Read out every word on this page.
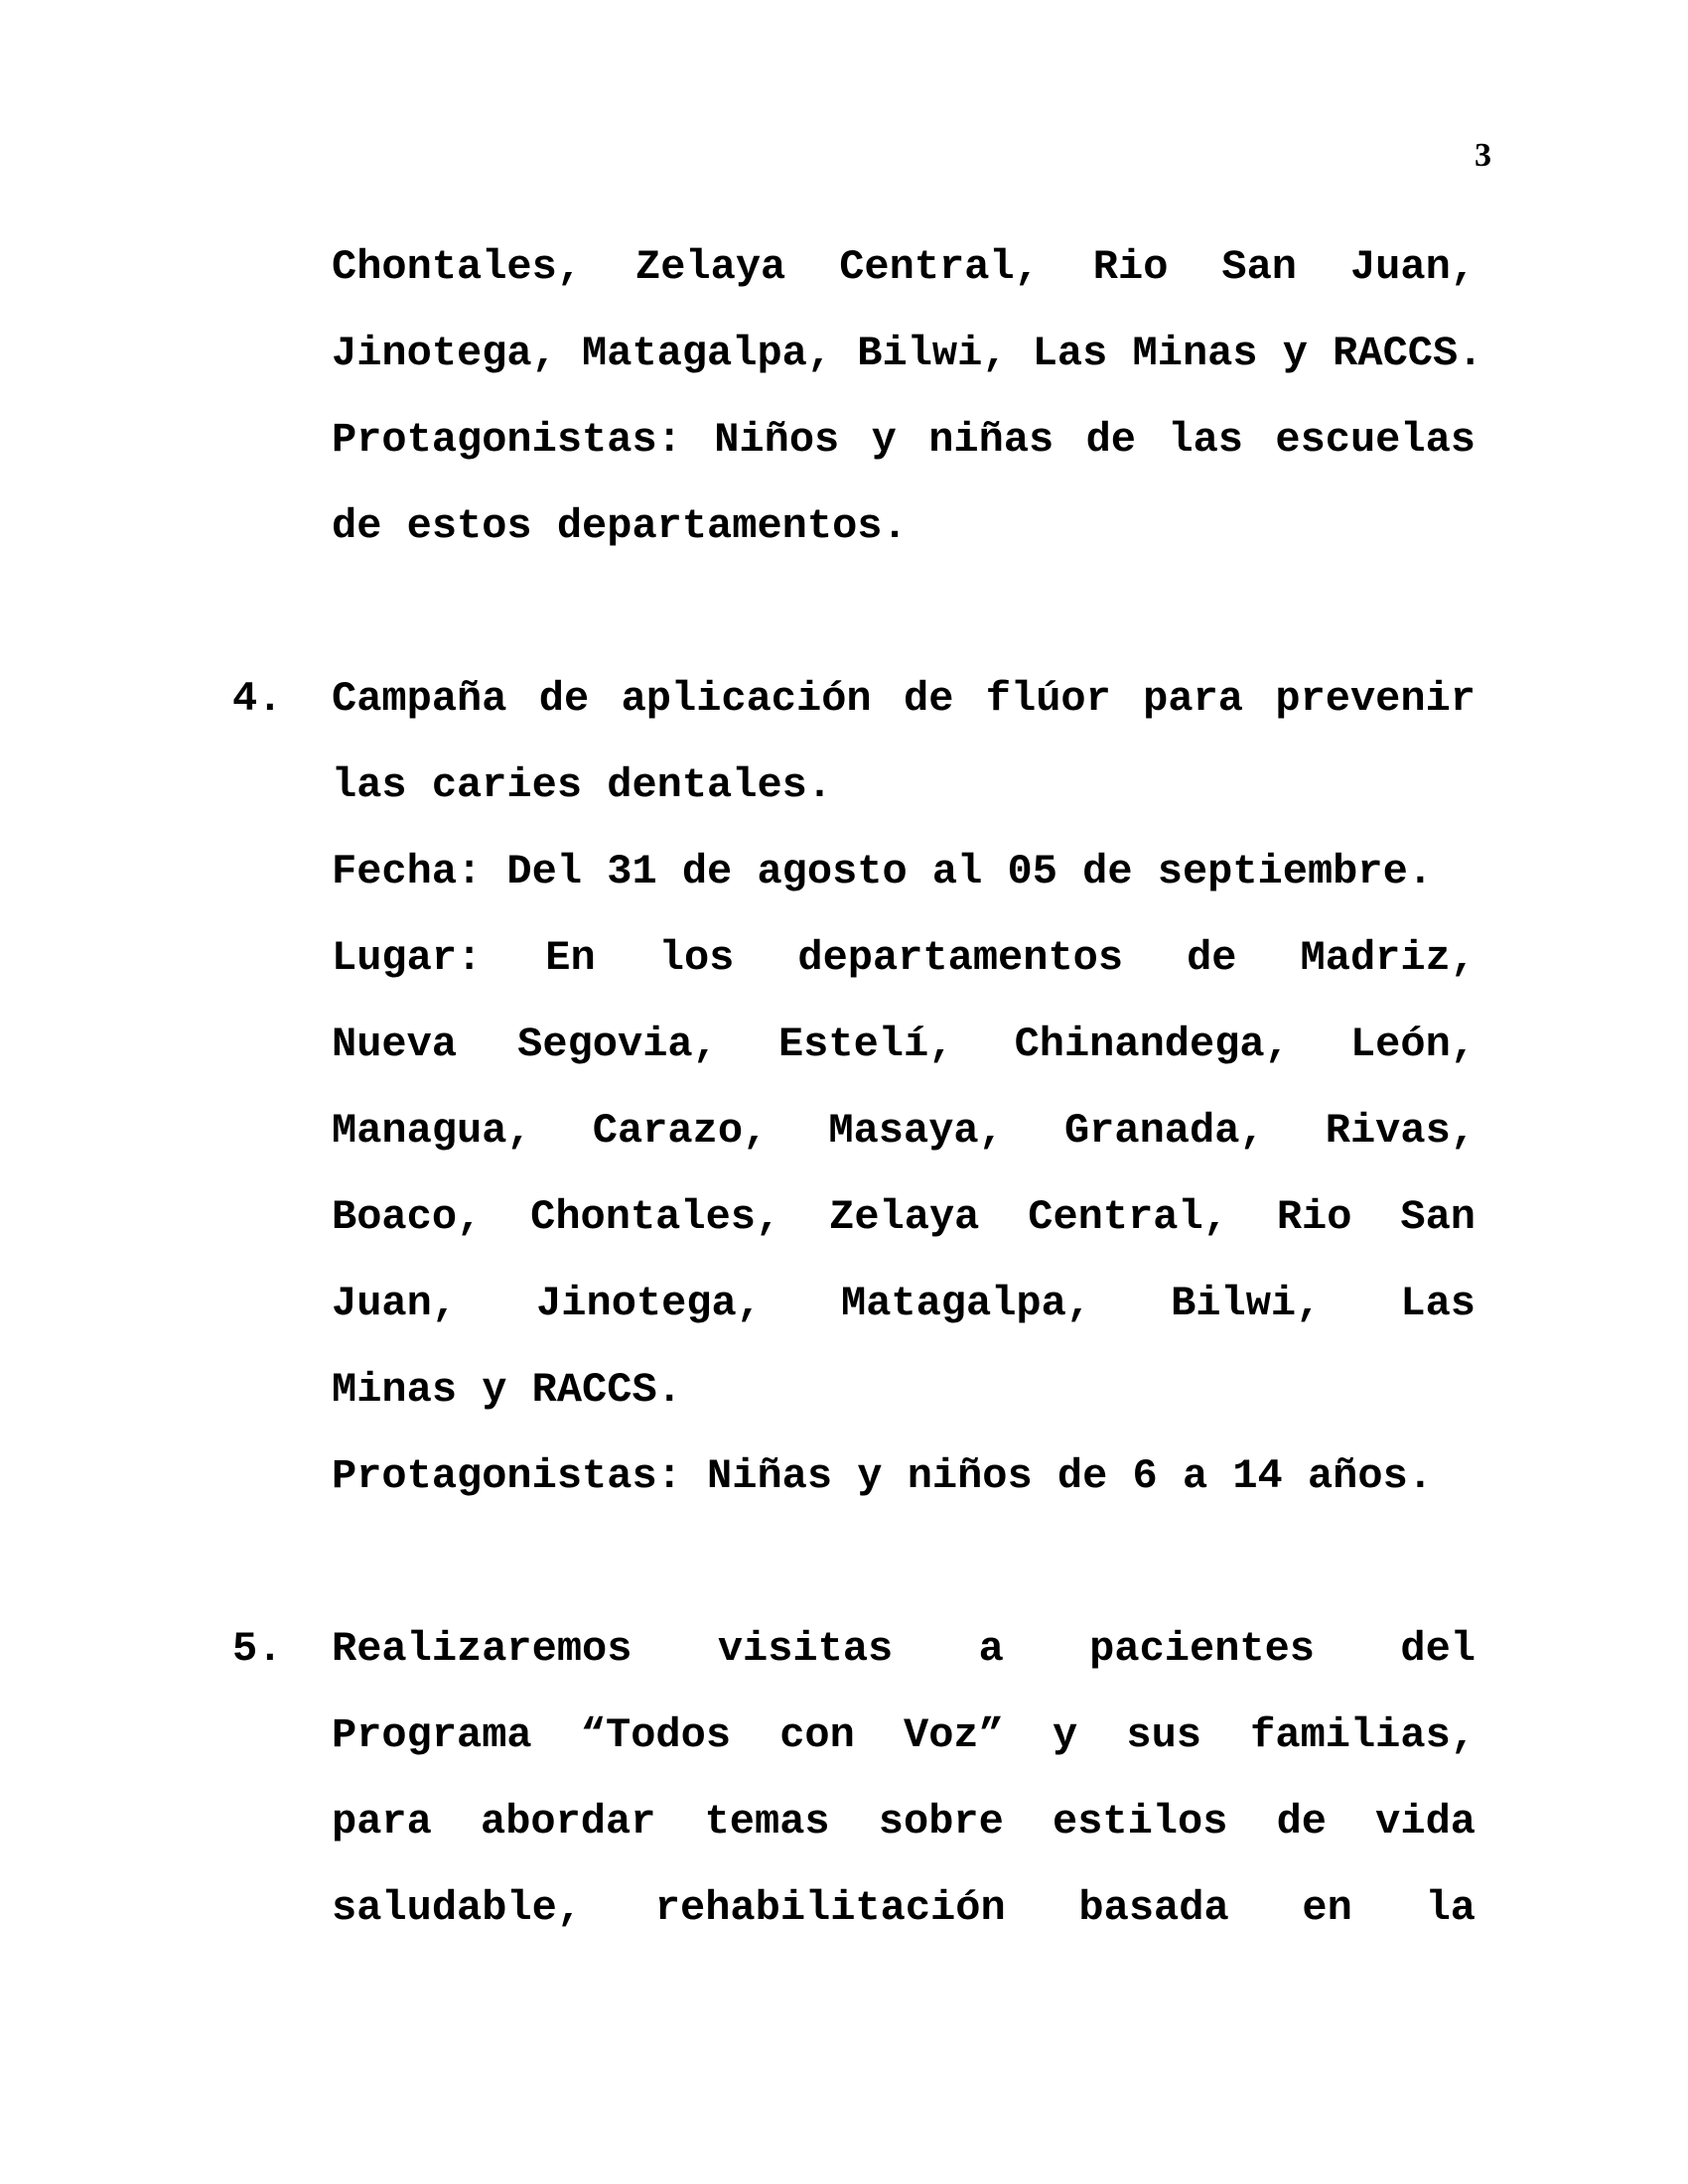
3
Chontales, Zelaya Central, Rio San Juan,
Jinotega, Matagalpa, Bilwi, Las Minas y RACCS.
Protagonistas: Niños y niñas de las escuelas
de estos departamentos.
4.	Campaña de aplicación de flúor para prevenir
las caries dentales.
Fecha: Del 31 de agosto al 05 de septiembre.
Lugar: En los departamentos de Madriz,
Nueva Segovia, Estelí, Chinandega, León,
Managua, Carazo, Masaya, Granada, Rivas,
Boaco, Chontales, Zelaya Central, Rio San
Juan, Jinotega, Matagalpa, Bilwi, Las
Minas y RACCS.
Protagonistas: Niñas y niños de 6 a 14 años.
5.	Realizaremos visitas a pacientes del
Programa “Todos con Voz” y sus familias,
para abordar temas sobre estilos de vida
saludable, rehabilitación basada en la
